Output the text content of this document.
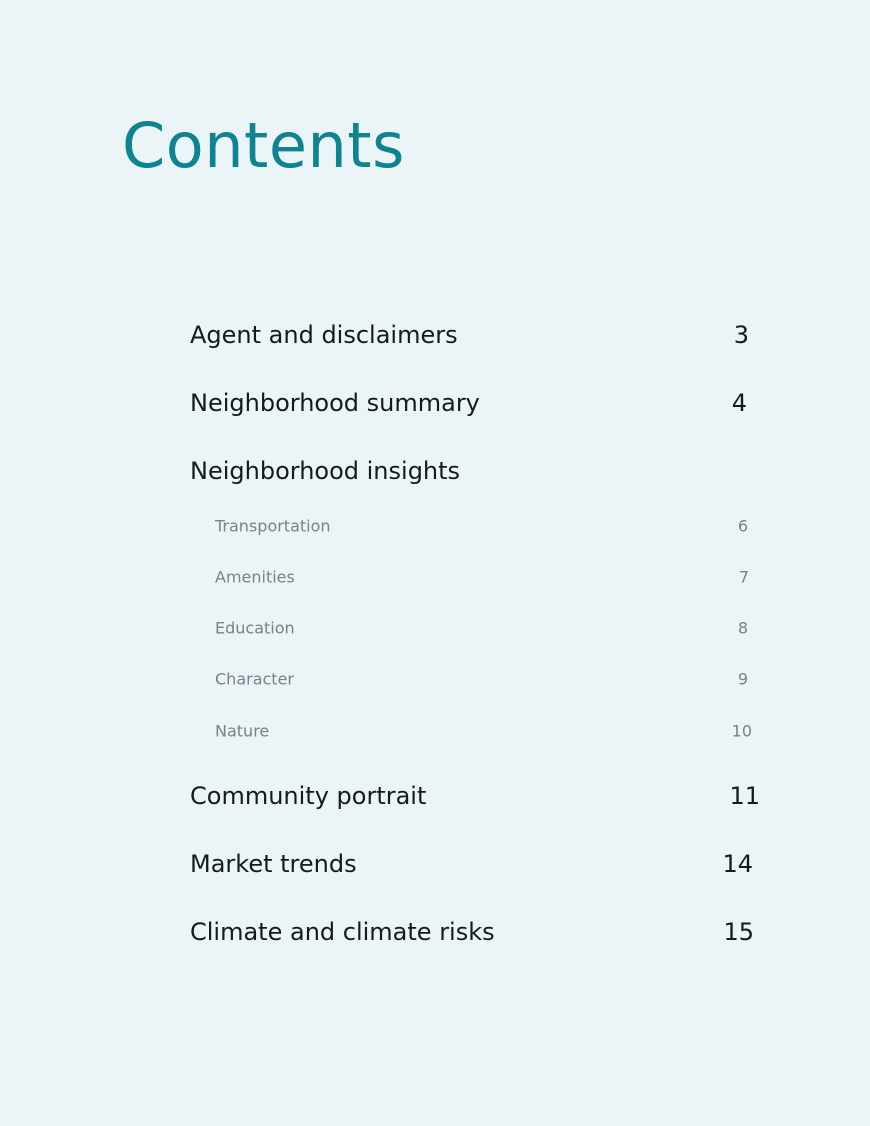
Contents
Agent and disclaimers	3
Neighborhood summary	4
Neighborhood insights
Transportation	6
Amenities	7
Education	8
Character	9
Nature	10
Community portrait	11
Market trends	14
Climate and climate risks	15
